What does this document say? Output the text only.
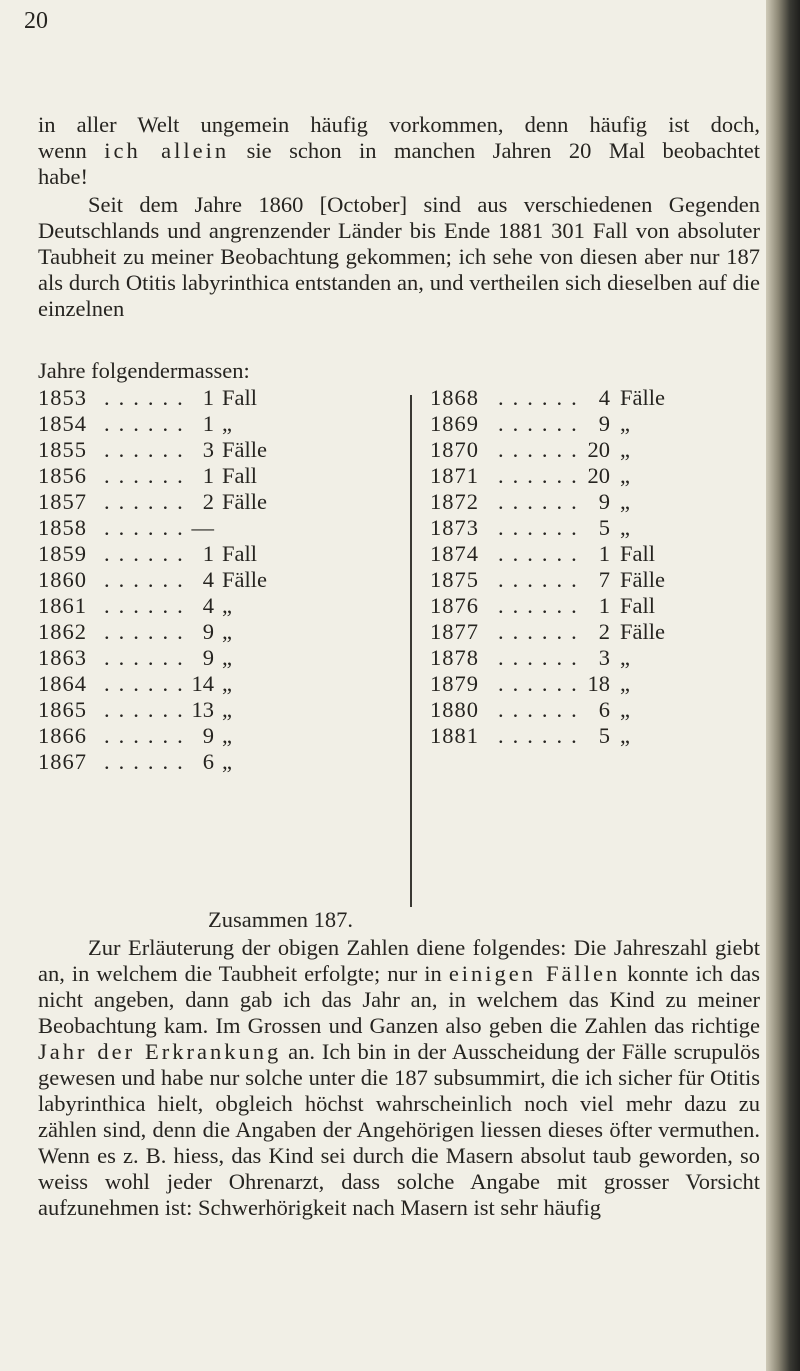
20

in aller Welt ungemein häufig vorkommen, denn häufig ist doch,

wenn ich allein sie schon in manchen Jahren 20 Mal beobachtet

habe!

Seit dem Jahre 1860 [October] sind aus verschiedenen Gegenden Deutschlands und angrenzender Länder bis Ende 1881 301 Fall von absoluter Taubheit zu meiner Beobachtung gekommen; ich sehe von diesen aber nur 187 als durch Otitis labyrinthica entstanden an, und vertheilen sich dieselben auf die einzelnen

Jahre folgendermassen:
1853 ...... 1 Fall
1854 ...... 1 „
1855 ...... 3 Fälle
1856 ...... 1 Fall
1857 ...... 2 Fälle
1858 ...... —
1859 ...... 1 Fall
1860 ...... 4 Fälle
1861 ...... 4 „
1862 ...... 9 „
1863 ...... 9 „
1864 ...... 14 „
1865 ...... 13 „
1866 ...... 9 „
1867 ...... 6 „
1868 ...... 4 Fälle
1869 ...... 9 „
1870 ...... 20 „
1871 ...... 20 „
1872 ...... 9 „
1873 ...... 5 „
1874 ...... 1 Fall
1875 ...... 7 Fälle
1876 ...... 1 Fall
1877 ...... 2 Fälle
1878 ...... 3 „
1879 ...... 18 „
1880 ...... 6 „
1881 ...... 5 „
Zusammen 187.

Zur Erläuterung der obigen Zahlen diene folgendes: Die Jahreszahl giebt an, in welchem die Taubheit erfolgte; nur in einigen Fällen konnte ich das nicht angeben, dann gab ich das Jahr an, in welchem das Kind zu meiner Beobachtung kam. Im Grossen und Ganzen also geben die Zahlen das richtige Jahr der Erkrankung an. Ich bin in der Ausscheidung der Fälle scrupulös gewesen und habe nur solche unter die 187 subsummirt, die ich sicher für Otitis labyrinthica hielt, obgleich höchst wahrscheinlich noch viel mehr dazu zu zählen sind, denn die Angaben der Angehörigen liessen dieses öfter vermuthen. Wenn es z. B. hiess, das Kind sei durch die Masern absolut taub geworden, so weiss wohl jeder Ohrenarzt, dass solche Angabe mit grosser Vorsicht aufzunehmen ist: Schwerhörigkeit nach Masern ist sehr häufig
